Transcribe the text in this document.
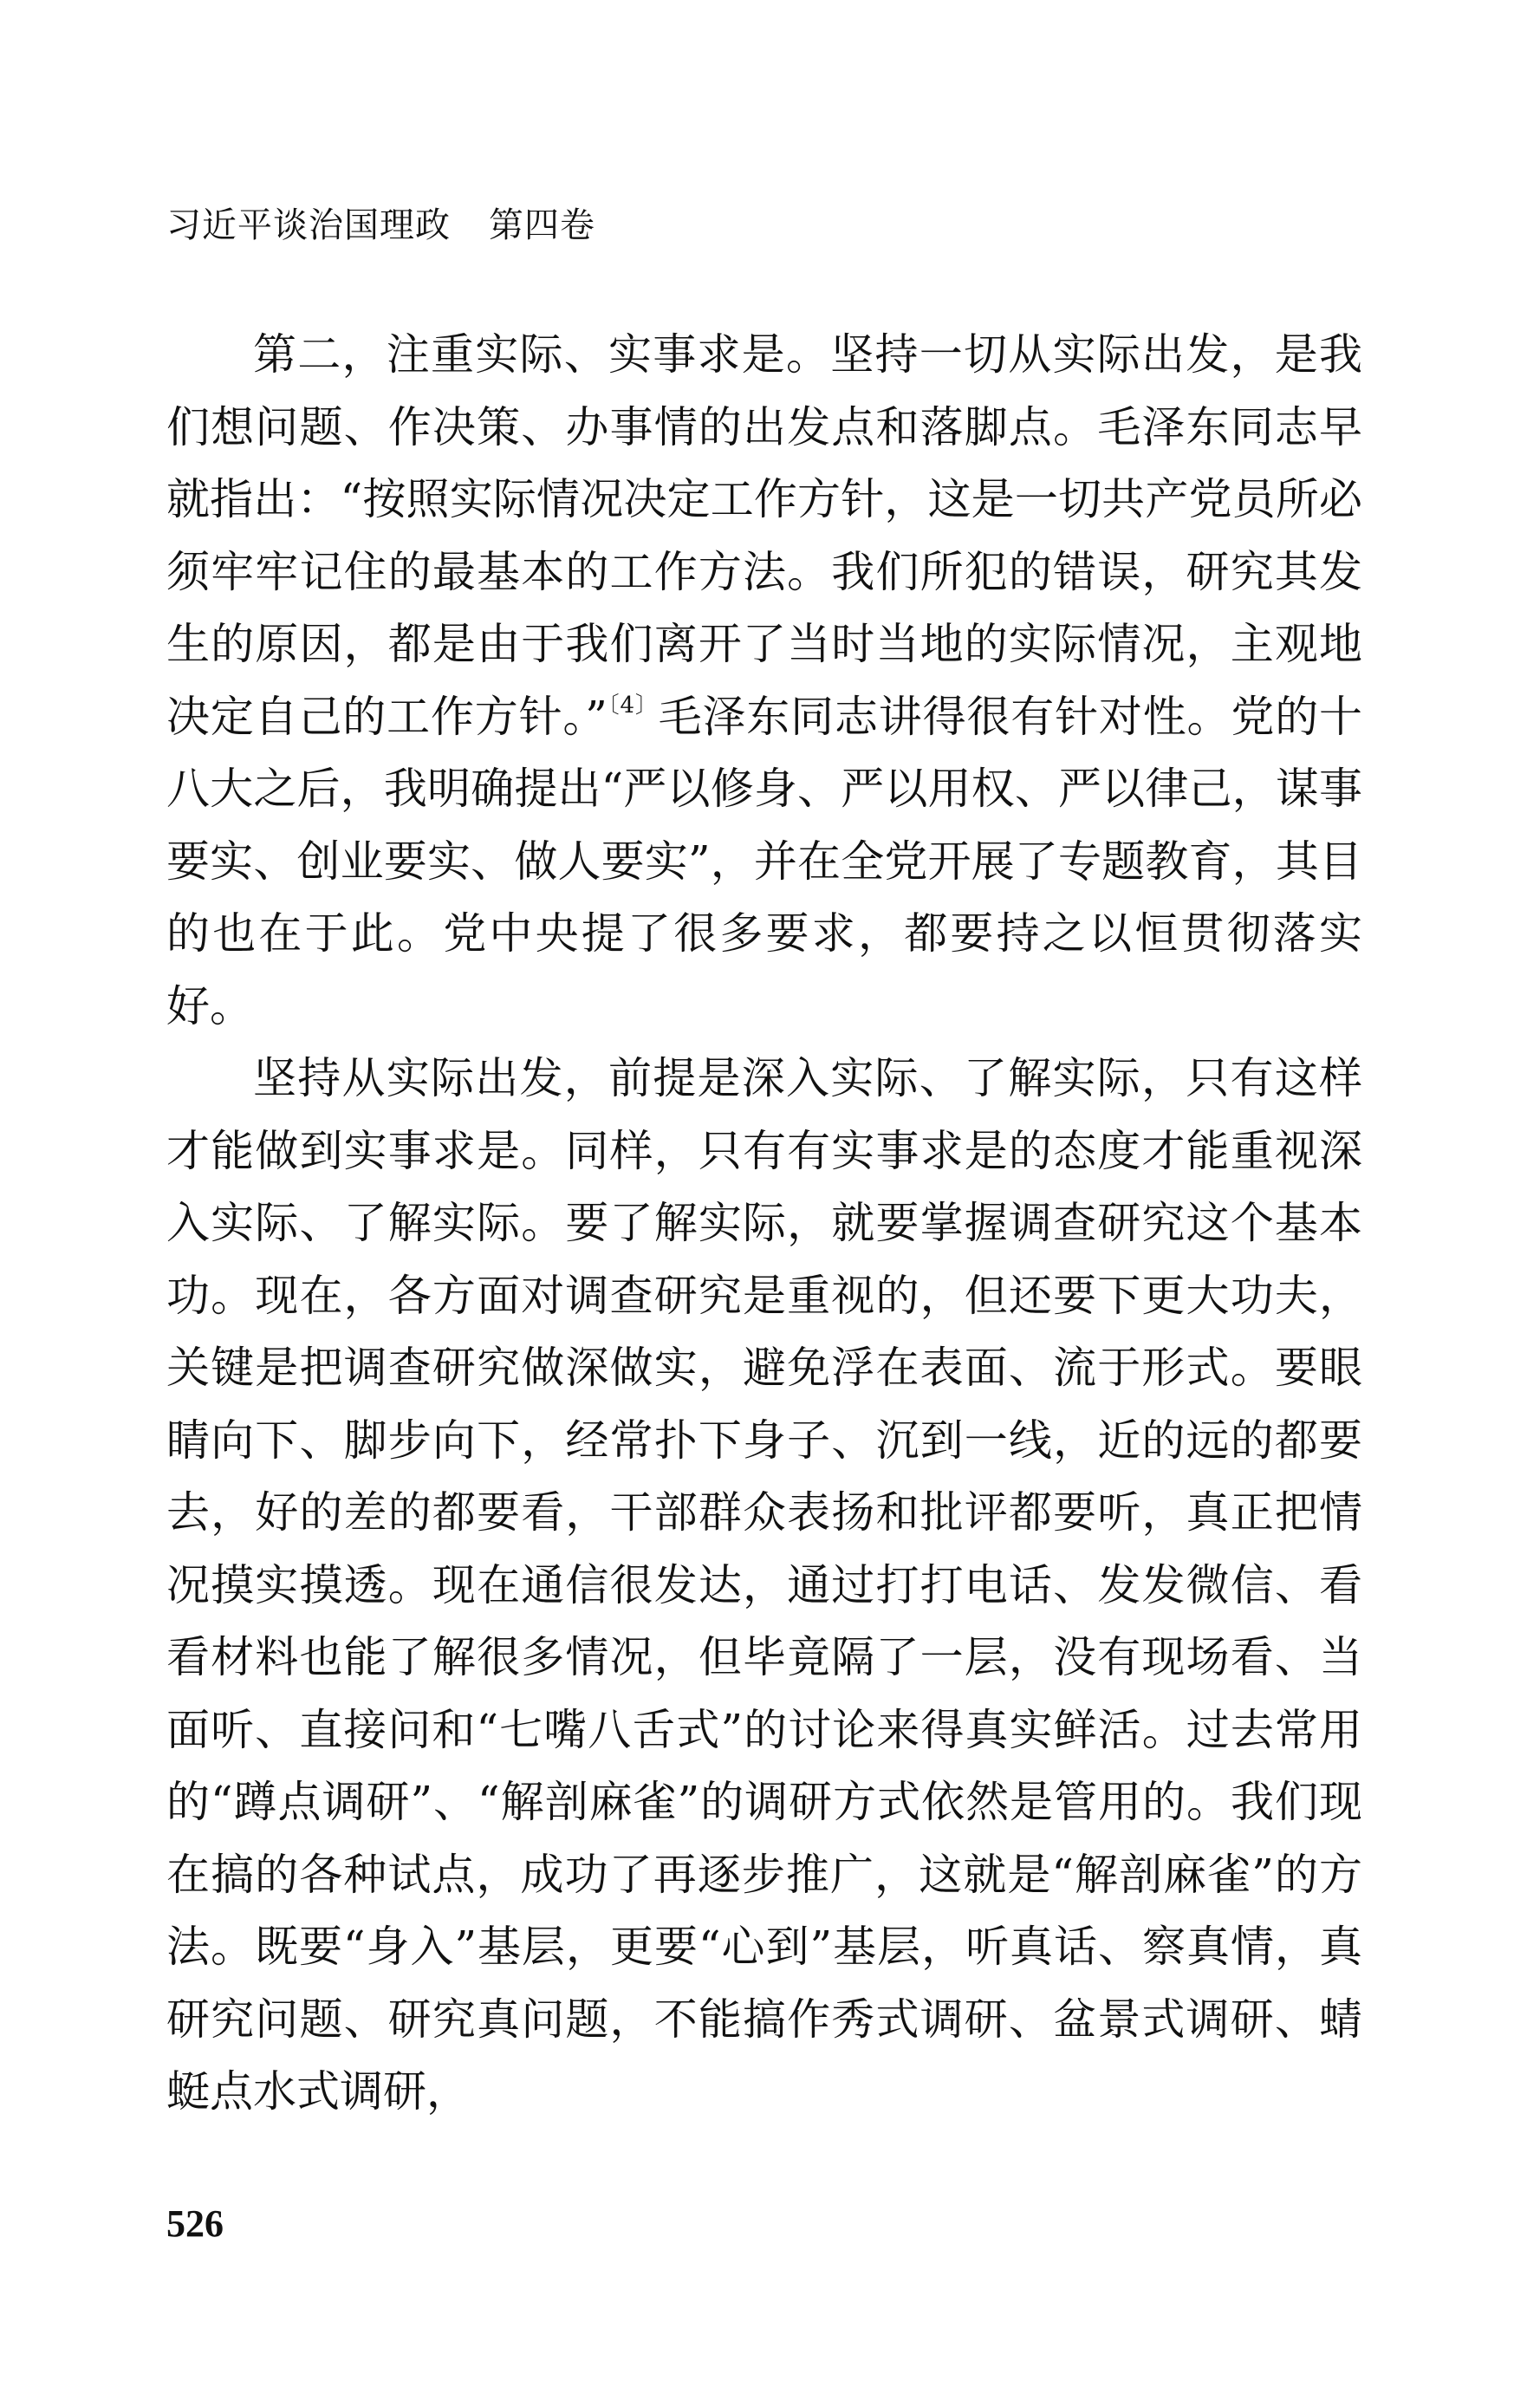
习近平谈治国理政 第四卷

第二，注重实际、实事求是。坚持一切从实际出发，是我们想问题、作决策、办事情的出发点和落脚点。毛泽东同志早就指出：“按照实际情况决定工作方针，这是一切共产党员所必须牢牢记住的最基本的工作方法。我们所犯的错误，研究其发生的原因，都是由于我们离开了当时当地的实际情况，主观地决定自己的工作方针。”$^{〔4〕}$毛泽东同志讲得很有针对性。党的十八大之后，我明确提出“严以修身、严以用权、严以律己，谋事要实、创业要实、做人要实”，并在全党开展了专题教育，其目的也在于此。党中央提了很多要求，都要持之以恒贯彻落实好。

坚持从实际出发，前提是深入实际、了解实际，只有这样才能做到实事求是。同样，只有有实事求是的态度才能重视深入实际、了解实际。要了解实际，就要掌握调查研究这个基本功。现在，各方面对调查研究是重视的，但还要下更大功夫，关键是把调查研究做深做实，避免浮在表面、流于形式。要眼睛向下、脚步向下，经常扑下身子、沉到一线，近的远的都要去，好的差的都要看，干部群众表扬和批评都要听，真正把情况摸实摸透。现在通信很发达，通过打打电话、发发微信、看看材料也能了解很多情况，但毕竟隔了一层，没有现场看、当面听、直接问和“七嘴八舌式”的讨论来得真实鲜活。过去常用的“蹲点调研”、“解剖麻雀”的调研方式依然是管用的。我们现在搞的各种试点，成功了再逐步推广，这就是“解剖麻雀”的方法。既要“身入”基层，更要“心到”基层，听真话、察真情，真研究问题、研究真问题，不能搞作秀式调研、盆景式调研、蜻蜓点水式调研，

526
